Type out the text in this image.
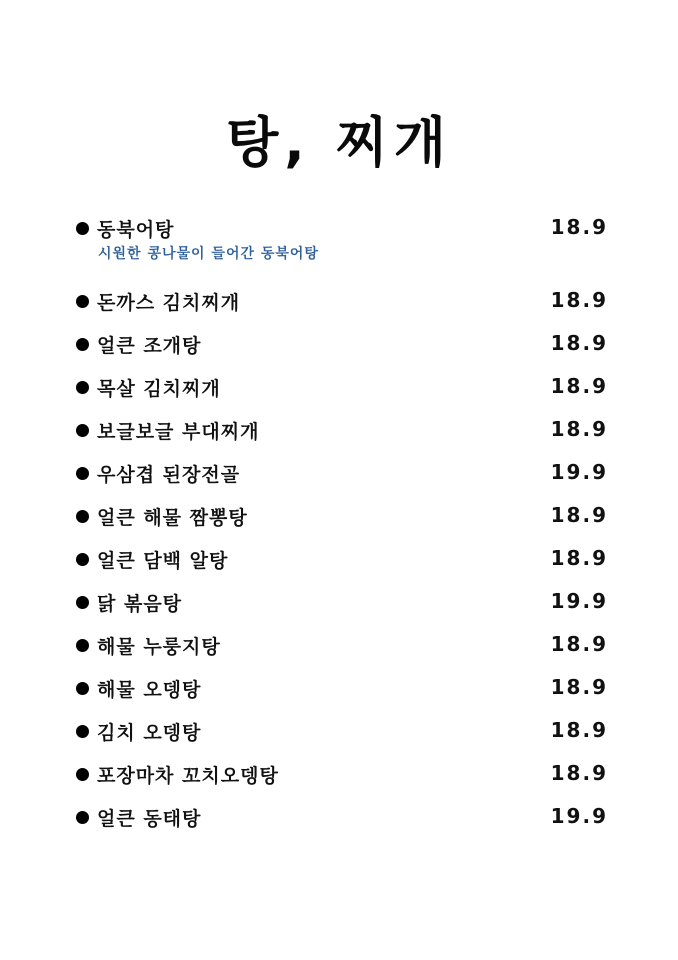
탕, 찌개
동북어탕	18.9
시원한 콩나물이 들어간 동북어탕
돈까스 김치찌개	18.9
얼큰 조개탕	18.9
목살 김치찌개	18.9
보글보글 부대찌개	18.9
우삼겹 된장전골	19.9
얼큰 해물 짬뽕탕	18.9
얼큰 담백 알탕	18.9
닭 볶음탕	19.9
해물 누룽지탕	18.9
해물 오뎅탕	18.9
김치 오뎅탕	18.9
포장마차 꼬치오뎅탕	18.9
얼큰 동태탕	19.9
